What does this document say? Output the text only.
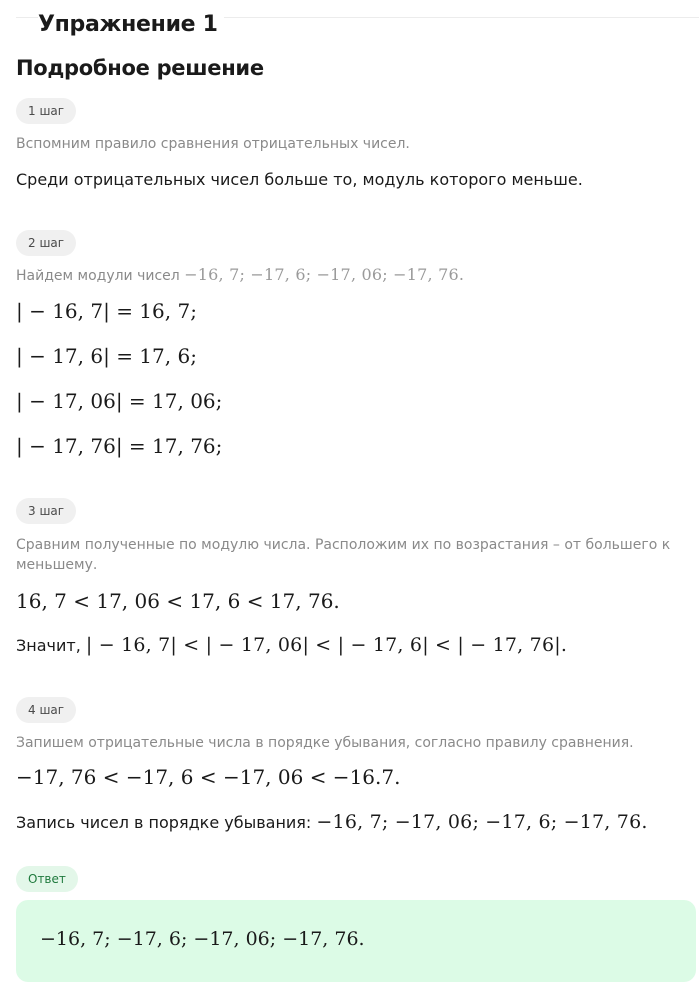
Упражнение 1
Подробное решение
1 шаг

Вспомним правило сравнения отрицательных чисел.

Среди отрицательных чисел больше то, модуль которого меньше.

2 шаг

Найдем модули чисел −16, 7; −17, 6; −17, 06; −17, 76.

| − 16, 7| = 16, 7;

| − 17, 6| = 17, 6;

| − 17, 06| = 17, 06;

| − 17, 76| = 17, 76;

3 шаг

Сравним полученные по модулю числа. Расположим их по возрастания – от большего к меньшему.

16, 7 < 17, 06 < 17, 6 < 17, 76.

Значит, | − 16, 7| < | − 17, 06| < | − 17, 6| < | − 17, 76|.

4 шаг

Запишем отрицательные числа в порядке убывания, согласно правилу сравнения.

−17, 76 < −17, 6 < −17, 06 < −16.7.

Запись чисел в порядке убывания: −16, 7; −17, 06; −17, 6; −17, 76.

Ответ
−16, 7; −17, 6; −17, 06; −17, 76.
